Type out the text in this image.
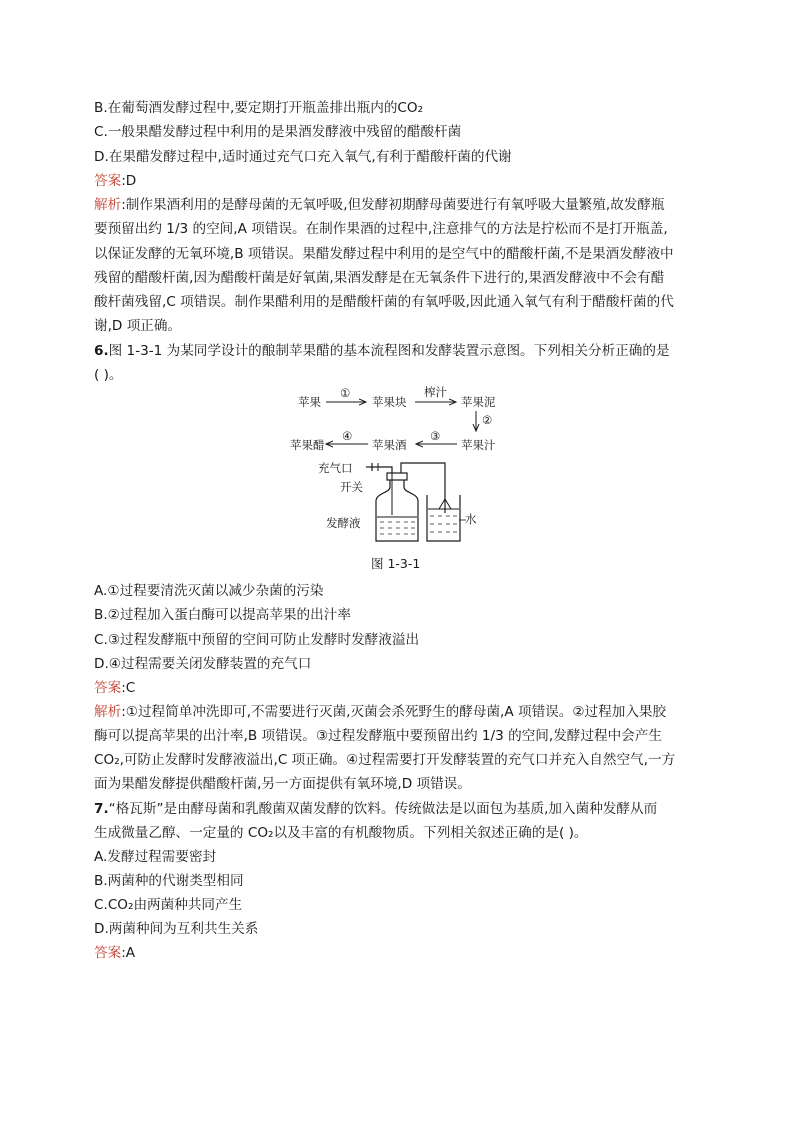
B.在葡萄酒发酵过程中,要定期打开瓶盖排出瓶内的CO₂
C.一般果醋发酵过程中利用的是果酒发酵液中残留的醋酸杆菌
D.在果醋发酵过程中,适时通过充气口充入氧气,有利于醋酸杆菌的代谢
答案:D
解析:制作果酒利用的是酵母菌的无氧呼吸,但发酵初期酵母菌要进行有氧呼吸大量繁殖,故发酵瓶
要预留出约 1/3 的空间,A 项错误。在制作果酒的过程中,注意排气的方法是拧松而不是打开瓶盖,
以保证发酵的无氧环境,B 项错误。果醋发酵过程中利用的是空气中的醋酸杆菌,不是果酒发酵液中
残留的醋酸杆菌,因为醋酸杆菌是好氧菌,果酒发酵是在无氧条件下进行的,果酒发酵液中不会有醋
酸杆菌残留,C 项错误。制作果醋利用的是醋酸杆菌的有氧呼吸,因此通入氧气有利于醋酸杆菌的代
谢,D 项正确。
6.图 1-3-1 为某同学设计的酿制苹果醋的基本流程图和发酵装置示意图。下列相关分析正确的是
( )。
苹果
①
苹果块
榨汁
苹果泥
②
苹果汁
③
苹果酒
④
苹果醋
充气口
开关
发酵液	水
图 1-3-1
A.①过程要清洗灭菌以减少杂菌的污染
B.②过程加入蛋白酶可以提高苹果的出汁率
C.③过程发酵瓶中预留的空间可防止发酵时发酵液溢出
D.④过程需要关闭发酵装置的充气口
答案:C
解析:①过程简单冲洗即可,不需要进行灭菌,灭菌会杀死野生的酵母菌,A 项错误。②过程加入果胶
酶可以提高苹果的出汁率,B 项错误。③过程发酵瓶中要预留出约 1/3 的空间,发酵过程中会产生
CO₂,可防止发酵时发酵液溢出,C 项正确。④过程需要打开发酵装置的充气口并充入自然空气,一方
面为果醋发酵提供醋酸杆菌,另一方面提供有氧环境,D 项错误。
7.“格瓦斯”是由酵母菌和乳酸菌双菌发酵的饮料。传统做法是以面包为基质,加入菌种发酵从而
生成微量乙醇、一定量的 CO₂以及丰富的有机酸物质。下列相关叙述正确的是( )。
A.发酵过程需要密封
B.两菌种的代谢类型相同
C.CO₂由两菌种共同产生
D.两菌种间为互利共生关系
答案:A
